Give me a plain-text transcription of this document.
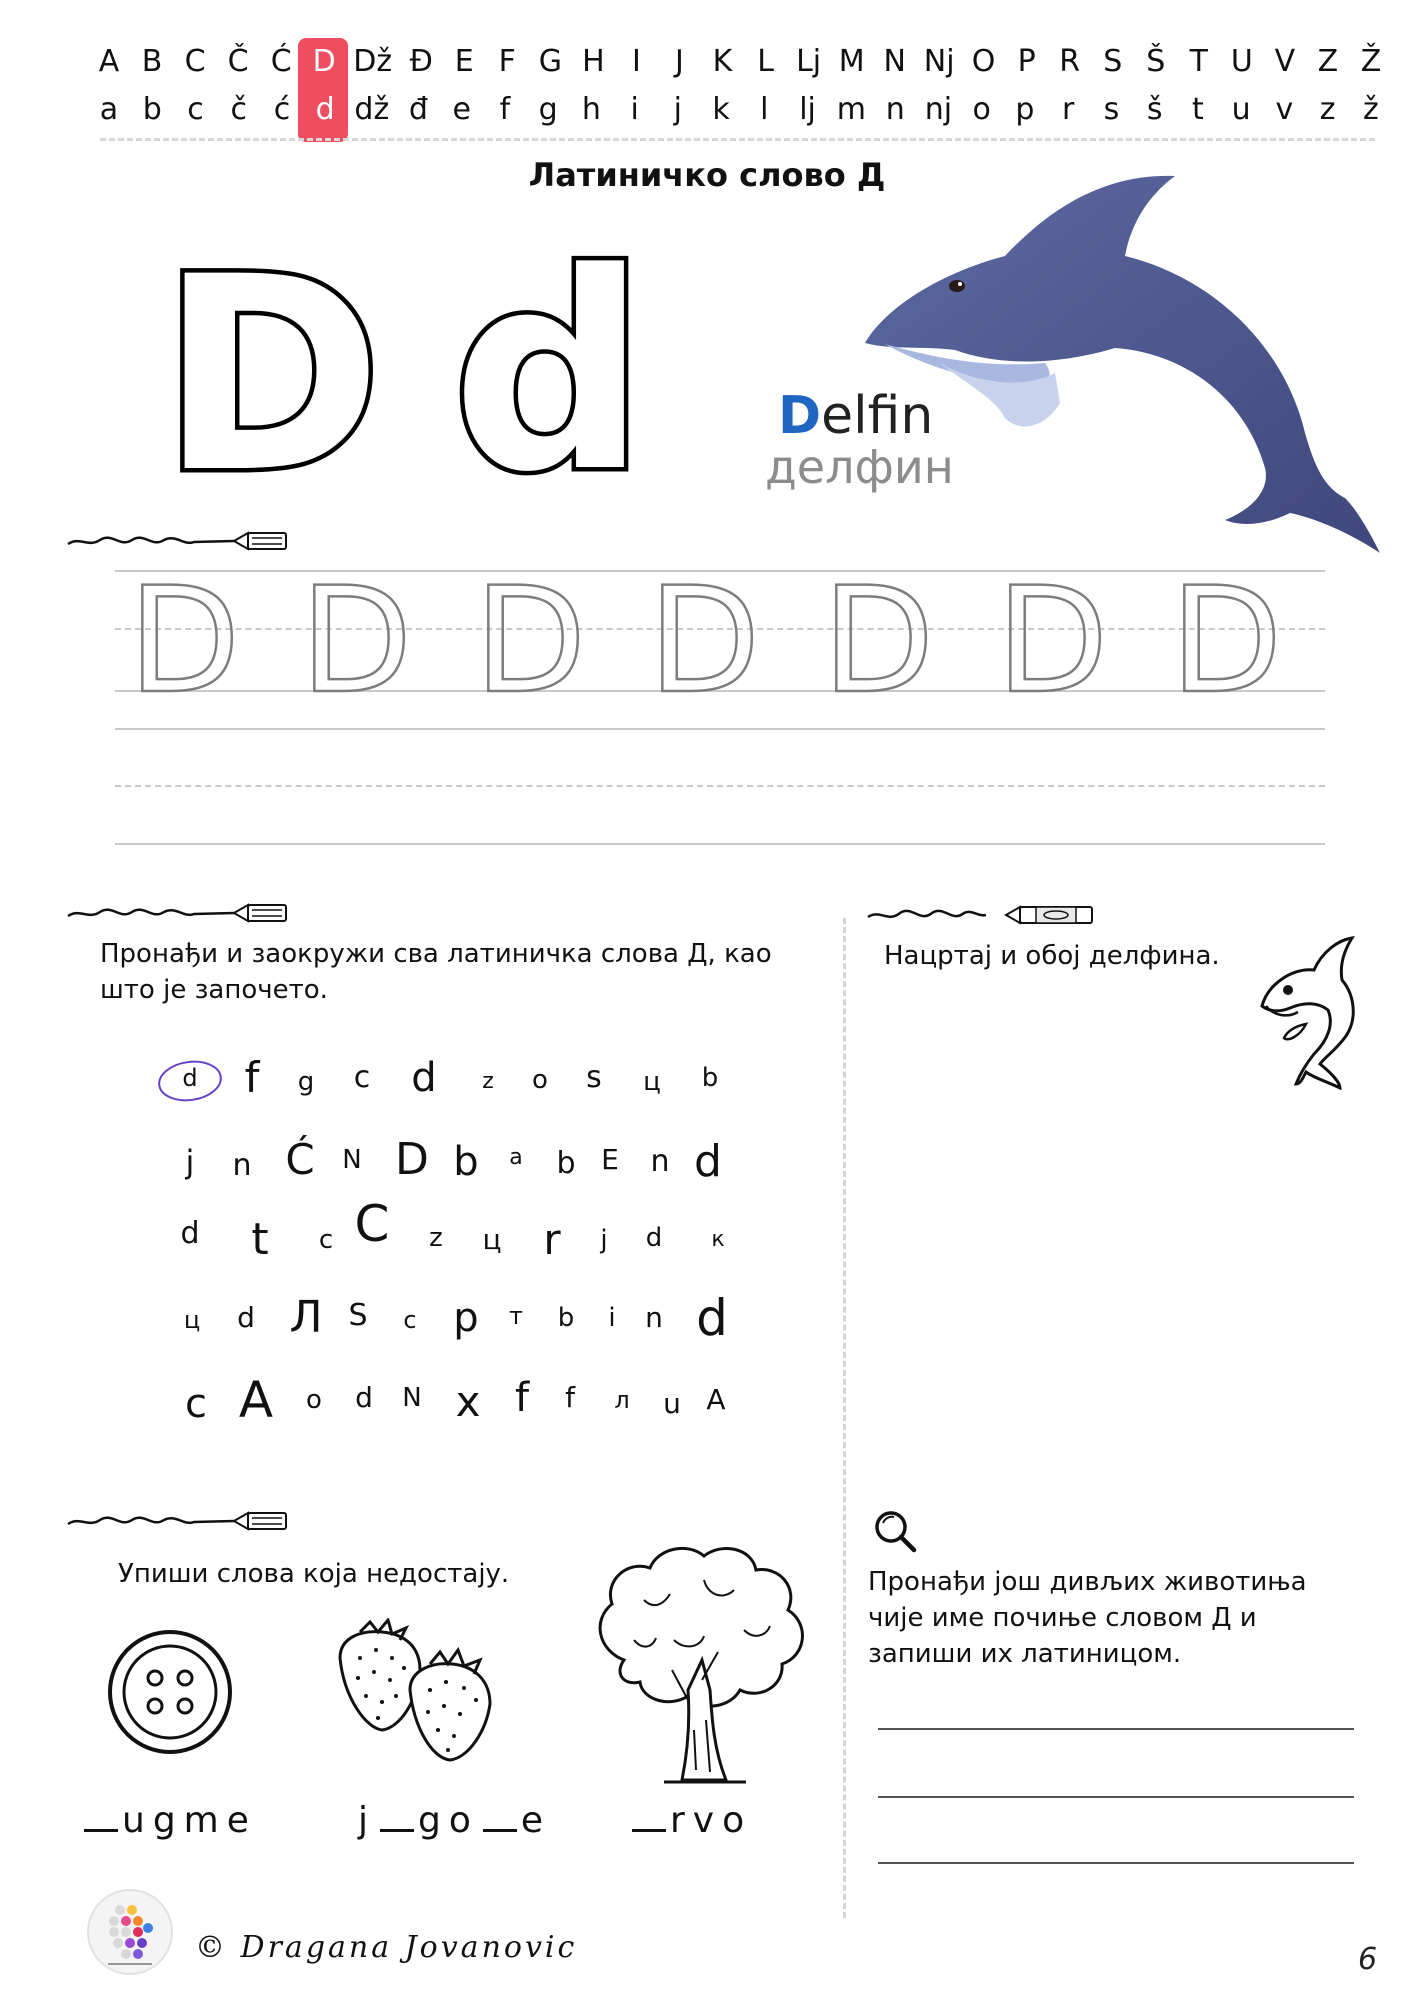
A B C Č Ć D Dž Đ E F G H I	J K L Lj M N Nj O P R S Š T U V Z Ž
a b c č ć d dž đ e f g h i	j	k	l	lj m n nj o p r s š t u v z ž
Латиничко слово Д
D d	Delfin
делфин
D D D D D D D
Пронађи и заокружи сва латиничка слова Д, као што је започето.
d f g c d z o s ц b
j n Ć N D b a b E n d
d t c C z ц r j d к
ц d Л S c p т b i n d
c A o d N x f f л u A
Нацртај и обој делфина.
Упиши слова која недостају.
ugme	j go e	rvo
Пронађи још дивљих животиња чије име почиње словом Д и запиши их латиницом.
© Dragana Jovanovic	6
